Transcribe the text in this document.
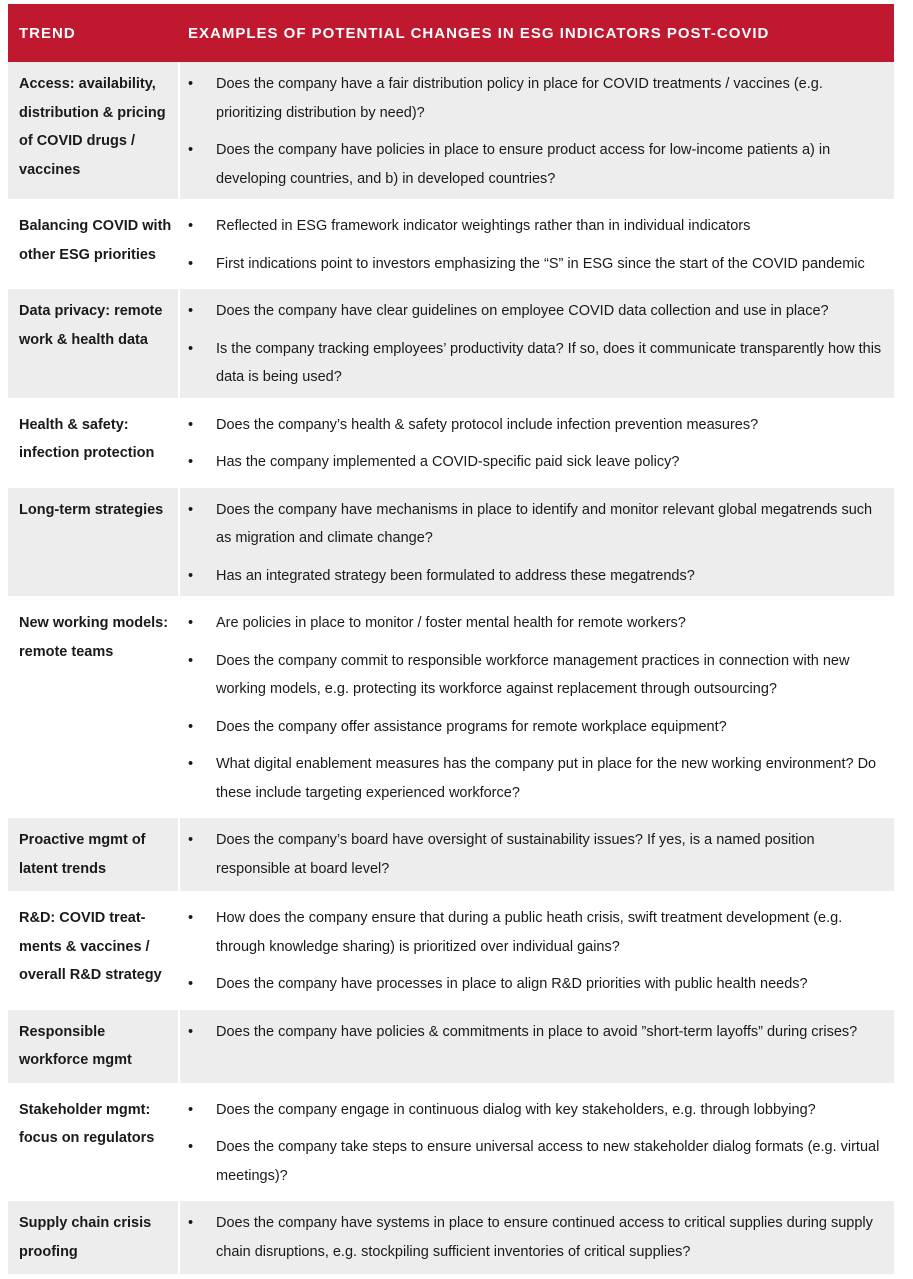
TREND	EXAMPLES OF POTENTIAL CHANGES IN ESG INDICATORS POST-COVID
Access: availability, distribution & pricing of COVID drugs / vaccines
•	Does the company have a fair distribution policy in place for COVID treatments / vaccines (e.g. prioritizing distribution by need)?
•	Does the company have policies in place to ensure product access for low-income patients a) in developing countries, and b) in developed countries?
Balancing COVID with other ESG priorities
•	Reflected in ESG framework indicator weightings rather than in individual indicators
•	First indications point to investors emphasizing the “S” in ESG since the start of the COVID pandemic
Data privacy: remote work & health data
•	Does the company have clear guidelines on employee COVID data collection and use in place?
•	Is the company tracking employees’ productivity data? If so, does it communicate transparently how this data is being used?
Health & safety: infection protection
•	Does the company’s health & safety protocol include infection prevention measures?
•	Has the company implemented a COVID-specific paid sick leave policy?
Long-term strategies	•	Does the company have mechanisms in place to identify and monitor relevant global megatrends such as migration and climate change?
•	Has an integrated strategy been formulated to address these megatrends?
New working models: remote teams
•	Are policies in place to monitor / foster mental health for remote workers?
•	Does the company commit to responsible workforce management practices in connection with new working models, e.g. protecting its workforce against replacement through outsourcing?
•	Does the company offer assistance programs for remote workplace equipment?
•	What digital enablement measures has the company put in place for the new working environment? Do these include targeting experienced workforce?
Proactive mgmt of latent trends
•	Does the company’s board have oversight of sustainability issues? If yes, is a named position responsible at board level?
R&D: COVID treat-ments & vaccines / overall R&D strategy
•	How does the company ensure that during a public heath crisis, swift treatment development (e.g. through knowledge sharing) is prioritized over individual gains?
•	Does the company have processes in place to align R&D priorities with public health needs?
Responsible workforce mgmt
•	Does the company have policies & commitments in place to avoid ”short-term layoffs” during crises?
Stakeholder mgmt: focus on regulators
•	Does the company engage in continuous dialog with key stakeholders, e.g. through lobbying?
•	Does the company take steps to ensure universal access to new stakeholder dialog formats (e.g. virtual meetings)?
Supply chain crisis proofing
•	Does the company have systems in place to ensure continued access to critical supplies during supply chain disruptions, e.g. stockpiling sufficient inventories of critical supplies?
